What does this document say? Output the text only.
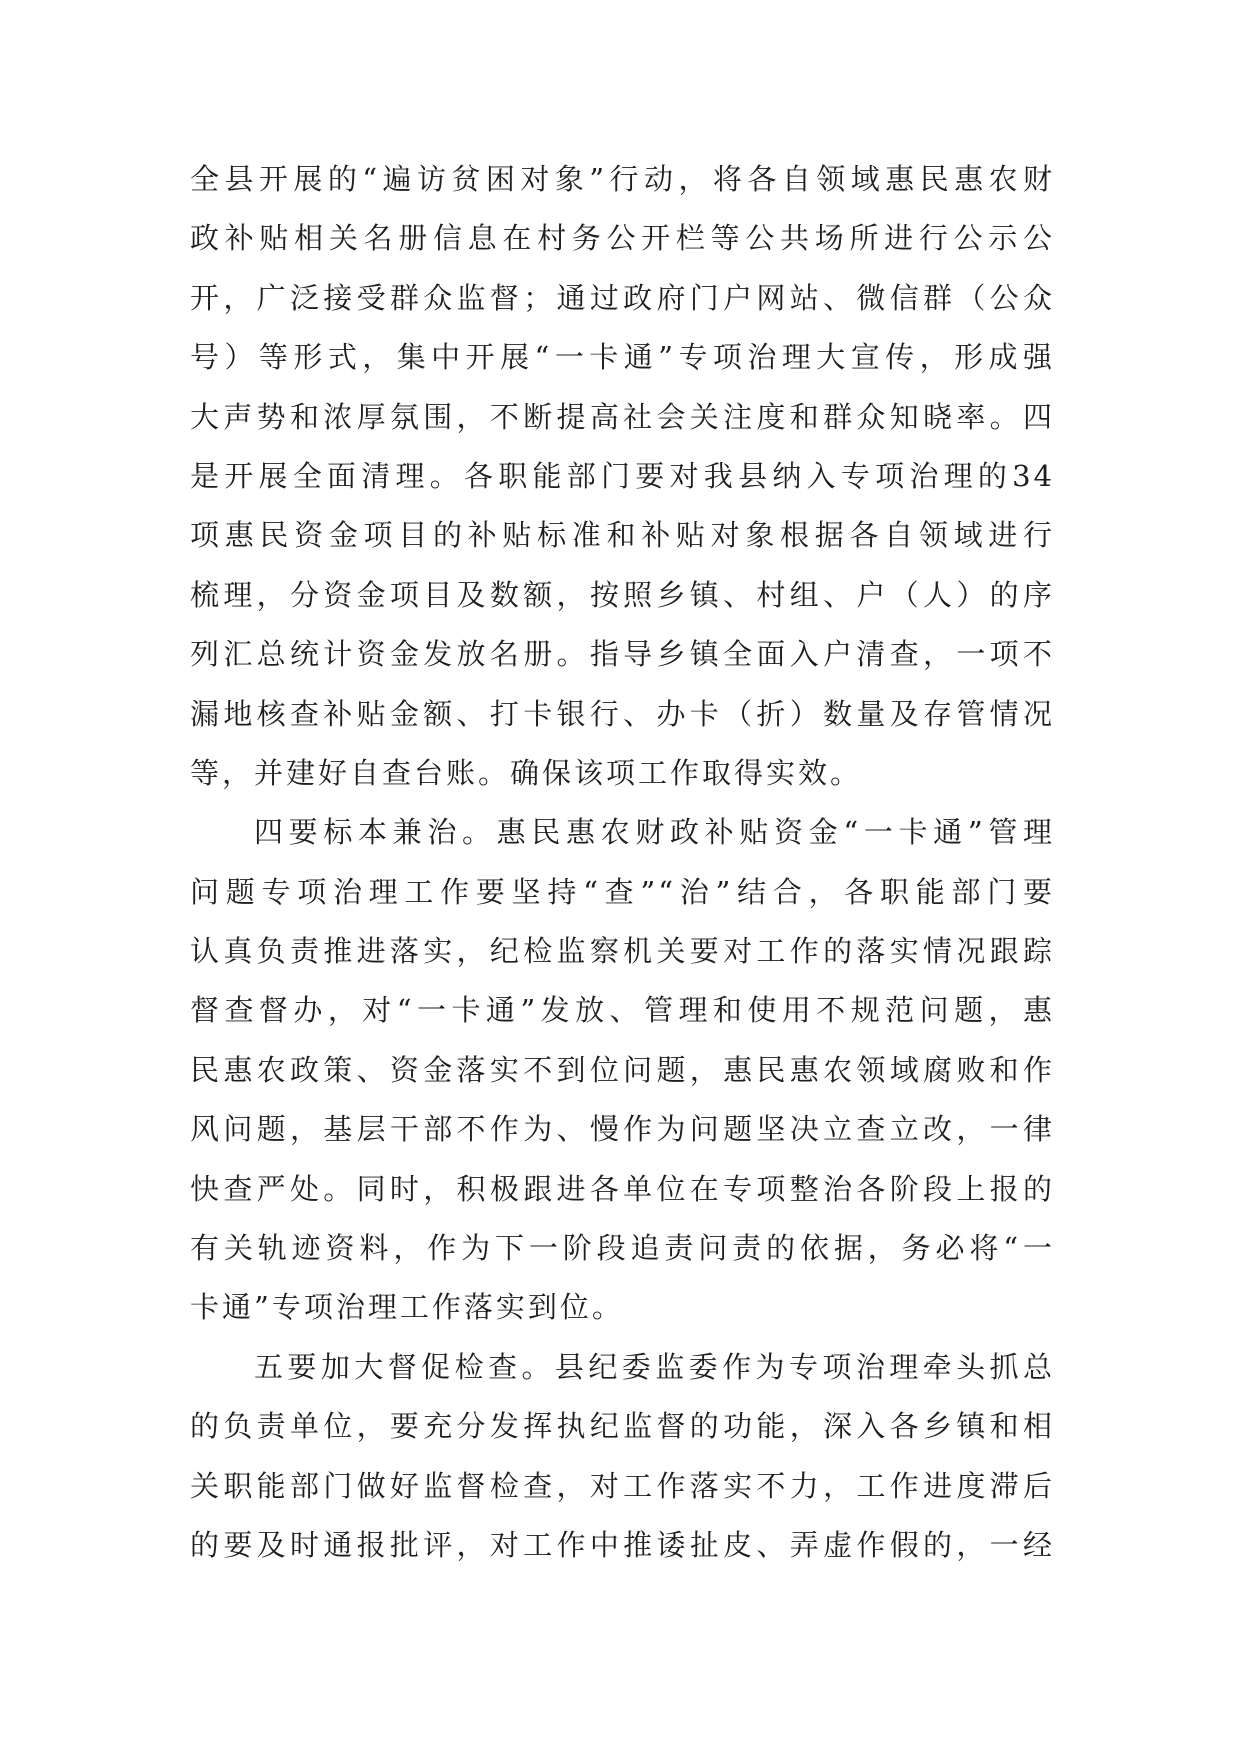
全县开展的“遍访贫困对象”行动，将各自领域惠民惠农财
政补贴相关名册信息在村务公开栏等公共场所进行公示公
开，广泛接受群众监督；通过政府门户网站、微信群（公众
号）等形式，集中开展“一卡通”专项治理大宣传，形成强
大声势和浓厚氛围，不断提高社会关注度和群众知晓率。四
是开展全面清理。各职能部门要对我县纳入专项治理的34
项惠民资金项目的补贴标准和补贴对象根据各自领域进行
梳理，分资金项目及数额，按照乡镇、村组、户（人）的序
列汇总统计资金发放名册。指导乡镇全面入户清查，一项不
漏地核查补贴金额、打卡银行、办卡（折）数量及存管情况
等，并建好自查台账。确保该项工作取得实效。
四要标本兼治。惠民惠农财政补贴资金“一卡通”管理
问题专项治理工作要坚持“查”“治”结合，各职能部门要
认真负责推进落实，纪检监察机关要对工作的落实情况跟踪
督查督办，对“一卡通”发放、管理和使用不规范问题，惠
民惠农政策、资金落实不到位问题，惠民惠农领域腐败和作
风问题，基层干部不作为、慢作为问题坚决立查立改，一律
快查严处。同时，积极跟进各单位在专项整治各阶段上报的
有关轨迹资料，作为下一阶段追责问责的依据，务必将“一
卡通”专项治理工作落实到位。
五要加大督促检查。县纪委监委作为专项治理牵头抓总
的负责单位，要充分发挥执纪监督的功能，深入各乡镇和相
关职能部门做好监督检查，对工作落实不力，工作进度滞后
的要及时通报批评，对工作中推诿扯皮、弄虚作假的，一经
